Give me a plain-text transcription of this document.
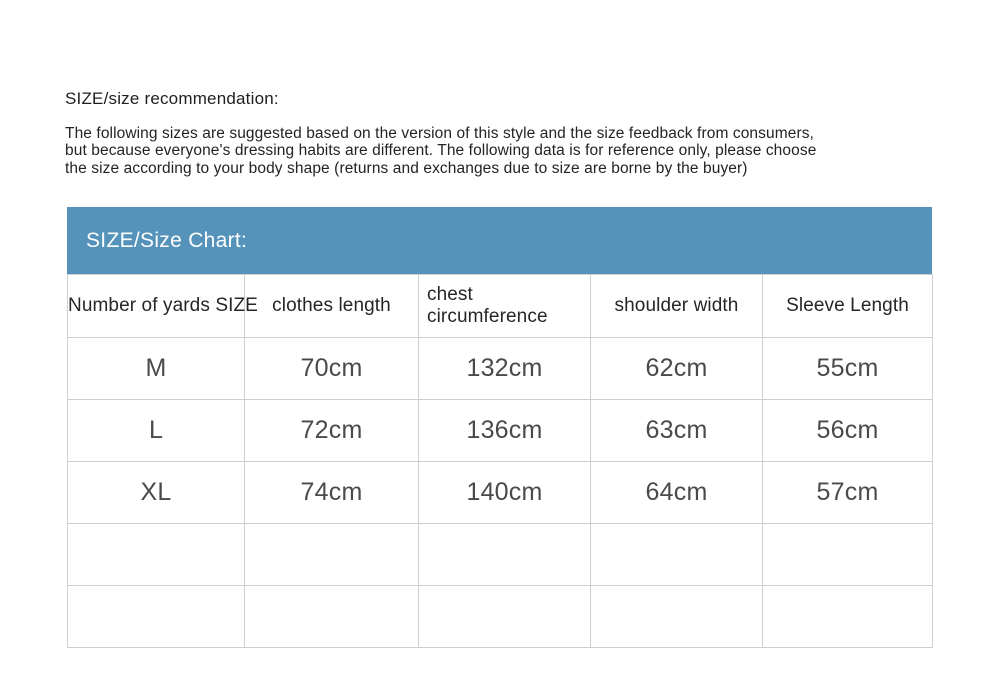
SIZE/size recommendation:
The following sizes are suggested based on the version of this style and the size feedback from consumers,
but because everyone's dressing habits are different. The following data is for reference only, please choose
the size according to your body shape (returns and exchanges due to size are borne by the buyer)
SIZE/Size Chart:
Number of yards SIZE	clothes length	chest circumference	shoulder width	Sleeve Length
M	70cm	132cm	62cm	55cm
L	72cm	136cm	63cm	56cm
XL	74cm	140cm	64cm	57cm
